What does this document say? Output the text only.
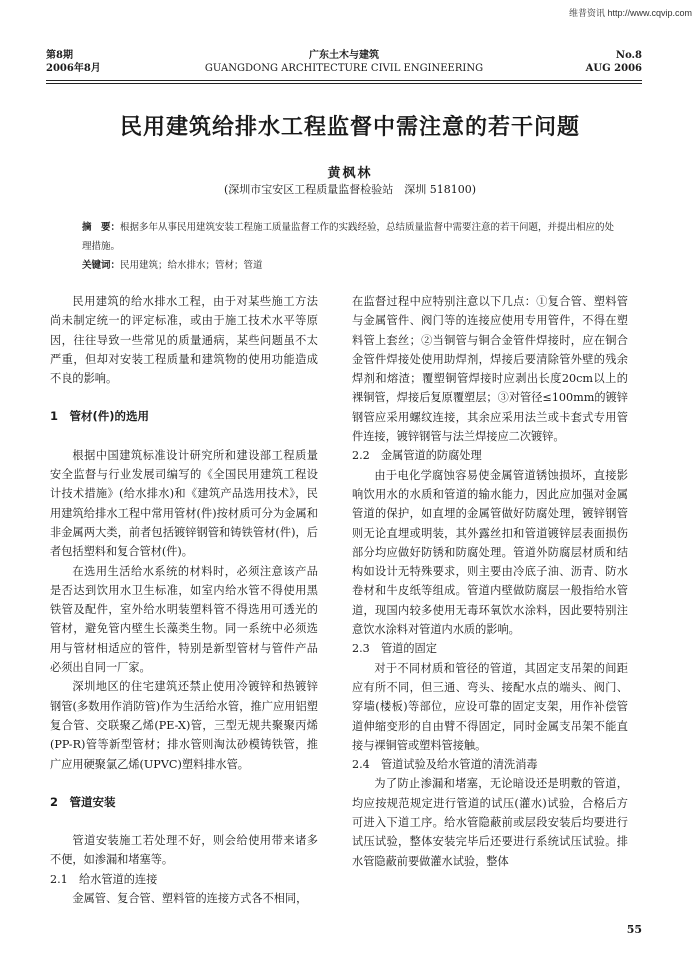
维普资讯 http://www.cqvip.com
第8期
2006年8月
广东土木与建筑
GUANGDONG ARCHITECTURE CIVIL ENGINEERING
No.8
AUG 2006
民用建筑给排水工程监督中需注意的若干问题
黄枫林
(深圳市宝安区工程质量监督检验站　深圳 518100)
摘　要：根据多年从事民用建筑安装工程施工质量监督工作的实践经验，总结质量监督中需要注意的若干问题，并提出相应的处理措施。
关键词：民用建筑；给水排水；管材；管道

民用建筑的给水排水工程，由于对某些施工方法尚未制定统一的评定标准，或由于施工技术水平等原因，往往导致一些常见的质量通病，某些问题虽不太严重，但却对安装工程质量和建筑物的使用功能造成不良的影响。

1　管材(件)的选用

根据中国建筑标准设计研究所和建设部工程质量安全监督与行业发展司编写的《全国民用建筑工程设计技术措施》(给水排水)和《建筑产品选用技术》，民用建筑给排水工程中常用管材(件)按材质可分为金属和非金属两大类，前者包括镀锌钢管和铸铁管材(件)，后者包括塑料和复合管材(件)。

在选用生活给水系统的材料时，必须注意该产品是否达到饮用水卫生标准，如室内给水管不得使用黑铁管及配件，室外给水明装塑料管不得选用可透光的管材，避免管内壁生长藻类生物。同一系统中必须选用与管材相适应的管件，特别是新型管材与管件产品必须出自同一厂家。

深圳地区的住宅建筑还禁止使用冷镀锌和热镀锌钢管(多数用作消防管)作为生活给水管，推广应用铝塑复合管、交联聚乙烯(PE-X)管，三型无规共聚聚丙烯(PP-R)管等新型管材；排水管则淘汰砂模铸铁管，推广应用硬聚氯乙烯(UPVC)塑料排水管。

2　管道安装

管道安装施工若处理不好，则会给使用带来诸多不便，如渗漏和堵塞等。

2.1　给水管道的连接

金属管、复合管、塑料管的连接方式各不相同，

在监督过程中应特别注意以下几点：①复合管、塑料管与金属管件、阀门等的连接应使用专用管件，不得在塑料管上套丝；②当铜管与铜合金管件焊接时，应在铜合金管件焊接处使用助焊剂，焊接后要清除管外壁的残余焊剂和熔渣；覆塑铜管焊接时应剥出长度20cm以上的裸铜管，焊接后复原覆塑层；③对管径≤100mm的镀锌钢管应采用螺纹连接，其余应采用法兰或卡套式专用管件连接，镀锌钢管与法兰焊接应二次镀锌。

2.2　金属管道的防腐处理

由于电化学腐蚀容易使金属管道锈蚀损坏，直接影响饮用水的水质和管道的输水能力，因此应加强对金属管道的保护，如直埋的金属管做好防腐处理，镀锌钢管则无论直埋或明装，其外露丝扣和管道镀锌层表面损伤部分均应做好防锈和防腐处理。管道外防腐层材质和结构如设计无特殊要求，则主要由冷底子油、沥青、防水卷材和牛皮纸等组成。管道内壁做防腐层一般指给水管道，现国内较多使用无毒环氧饮水涂料，因此要特别注意饮水涂料对管道内水质的影响。

2.3　管道的固定

对于不同材质和管径的管道，其固定支吊架的间距应有所不同，但三通、弯头、接配水点的端头、阀门、穿墙(楼板)等部位，应设可靠的固定支架，用作补偿管道伸缩变形的自由臂不得固定，同时金属支吊架不能直接与裸铜管或塑料管接触。

2.4　管道试验及给水管道的清洗消毒

为了防止渗漏和堵塞，无论暗设还是明敷的管道，均应按规范规定进行管道的试压(灌水)试验，合格后方可进入下道工序。给水管隐蔽前或层段安装后均要进行试压试验，整体安装完毕后还要进行系统试压试验。排水管隐蔽前要做灌水试验，整体

55
